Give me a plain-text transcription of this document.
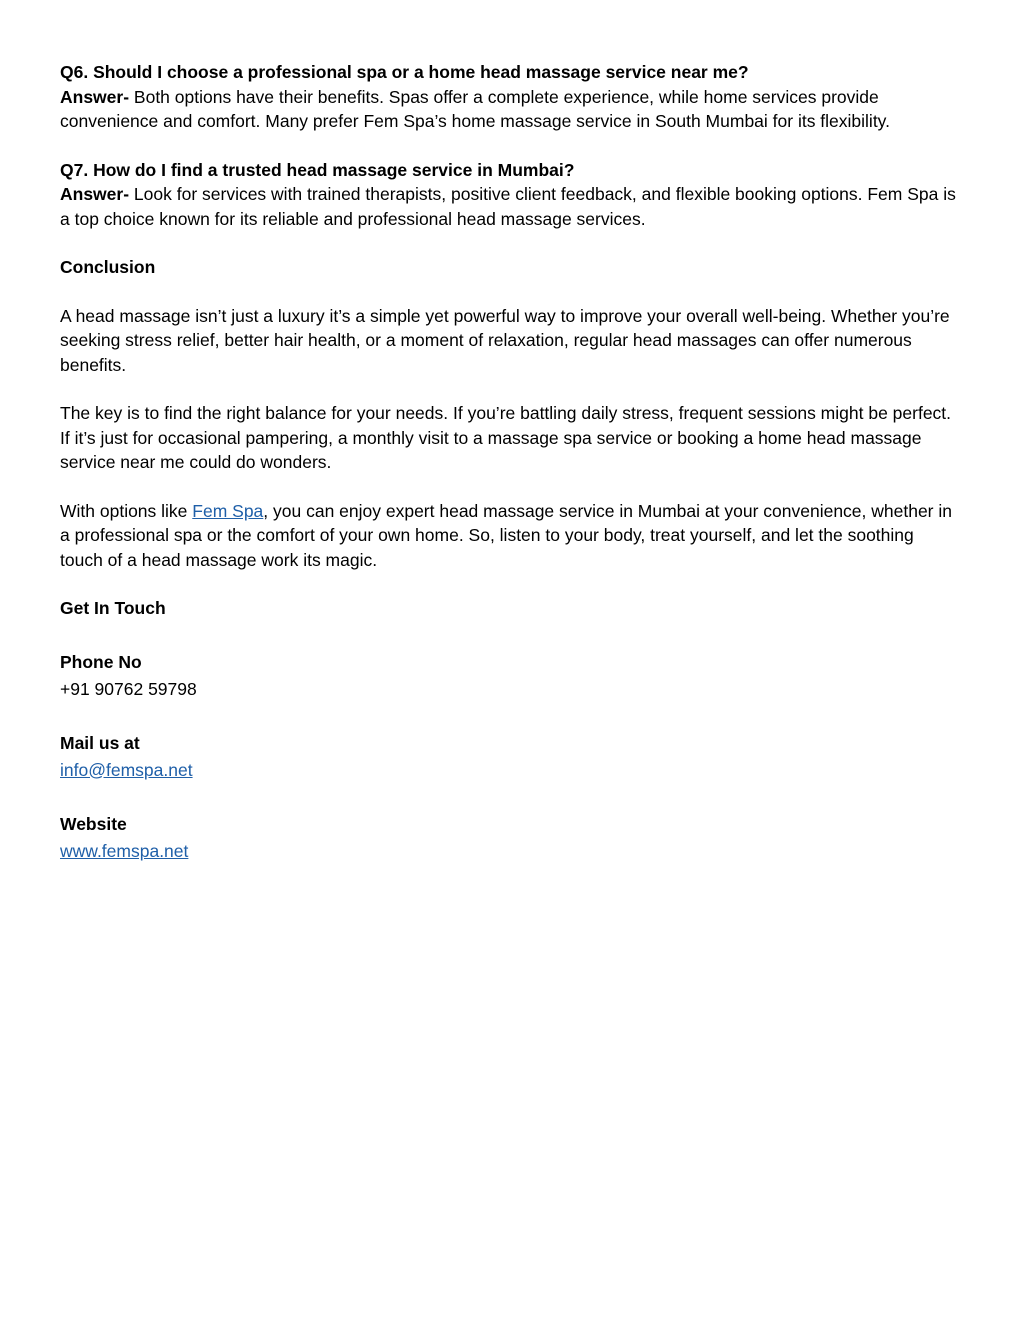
Q6. Should I choose a professional spa or a home head massage service near me?
Answer- Both options have their benefits. Spas offer a complete experience, while home services provide convenience and comfort. Many prefer Fem Spa’s home massage service in South Mumbai for its flexibility.
Q7. How do I find a trusted head massage service in Mumbai?
Answer- Look for services with trained therapists, positive client feedback, and flexible booking options. Fem Spa is a top choice known for its reliable and professional head massage services.
Conclusion
A head massage isn’t just a luxury it’s a simple yet powerful way to improve your overall well-being. Whether you’re seeking stress relief, better hair health, or a moment of relaxation, regular head massages can offer numerous benefits.
The key is to find the right balance for your needs. If you’re battling daily stress, frequent sessions might be perfect. If it’s just for occasional pampering, a monthly visit to a massage spa service or booking a home head massage service near me could do wonders.
With options like Fem Spa, you can enjoy expert head massage service in Mumbai at your convenience, whether in a professional spa or the comfort of your own home. So, listen to your body, treat yourself, and let the soothing touch of a head massage work its magic.
Get In Touch
Phone No
+91 90762 59798
Mail us at
info@femspa.net
Website
www.femspa.net
